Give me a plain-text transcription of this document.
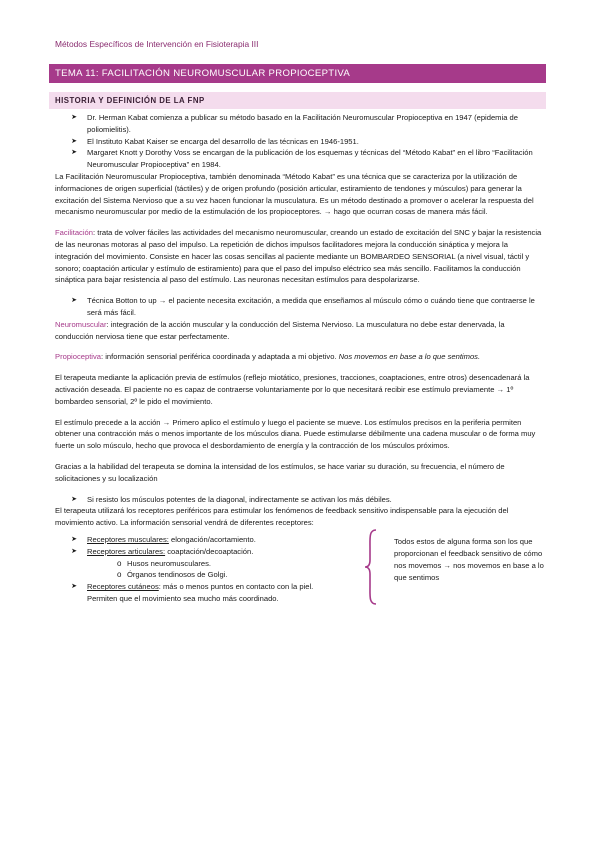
Métodos Específicos de Intervención en Fisioterapia III
TEMA 11: FACILITACIÓN NEUROMUSCULAR PROPIOCEPTIVA
HISTORIA Y DEFINICIÓN DE LA FNP
➤	Dr. Herman Kabat comienza a publicar su método basado en la Facilitación Neuromuscular Propioceptiva en 1947 (epidemia de poliomielitis).
➤	El Instituto Kabat Kaiser se encarga del desarrollo de las técnicas en 1946-1951.
➤	Margaret Knott y Dorothy Voss se encargan de la publicación de los esquemas y técnicas del “Método Kabat” en el libro “Facilitación Neuromuscular Propioceptiva” en 1984.

La Facilitación Neuromuscular Propioceptiva, también denominada “Método Kabat” es una técnica que se caracteriza por la utilización de informaciones de origen superficial (táctiles) y de origen profundo (posición articular, estiramiento de tendones y músculos) para generar la excitación del Sistema Nervioso que a su vez hacen funcionar la musculatura. Es un método destinado a promover o acelerar la respuesta del mecanismo neuromuscular por medio de la estimulación de los propioceptores. → hago que ocurran cosas de manera más fácil.

Facilitación: trata de volver fáciles las actividades del mecanismo neuromuscular, creando un estado de excitación del SNC y bajar la resistencia de las neuronas motoras al paso del impulso. La repetición de dichos impulsos facilitadores mejora la conducción sináptica y mejora la integración del movimiento. Consiste en hacer las cosas sencillas al paciente mediante un BOMBARDEO SENSORIAL (a nivel visual, táctil y sonoro; coaptación articular y estímulo de estiramiento) para que el paso del impulso eléctrico sea más sencillo. Facilitamos la conducción sináptica para bajar resistencia al paso del estímulo. Las neuronas necesitan estímulos para despolarizarse.

➤	Técnica Botton to up → el paciente necesita excitación, a medida que enseñamos al músculo cómo o cuándo tiene que contraerse le será más fácil.

Neuromuscular: integración de la acción muscular y la conducción del Sistema Nervioso. La musculatura no debe estar denervada, la conducción nerviosa tiene que estar perfectamente.

Propioceptiva: información sensorial periférica coordinada y adaptada a mi objetivo. Nos movemos en base a lo que sentimos.

El terapeuta mediante la aplicación previa de estímulos (reflejo miotático, presiones, tracciones, coaptaciones, entre otros) desencadenará la activación deseada. El paciente no es capaz de contraerse voluntariamente por lo que necesitará recibir ese estímulo previamente → 1º bombardeo sensorial, 2º le pido el movimiento.

El estímulo precede a la acción → Primero aplico el estímulo y luego el paciente se mueve. Los estímulos precisos en la periferia permiten obtener una contracción más o menos importante de los músculos diana. Puede estimularse débilmente una cadena muscular o de forma muy fuerte un solo músculo, hecho que provoca el desbordamiento de energía y la contracción de los músculos próximos.

Gracias a la habilidad del terapeuta se domina la intensidad de los estímulos, se hace variar su duración, su frecuencia, el número de solicitaciones y su localización

➤	Si resisto los músculos potentes de la diagonal, indirectamente se activan los más débiles.

El terapeuta utilizará los receptores periféricos para estimular los fenómenos de feedback sensitivo indispensable para la ejecución del movimiento activo. La información sensorial vendrá de diferentes receptores:

➤	Receptores musculares: elongación/acortamiento.
➤	Receptores articulares: coaptación/decoaptación.
o Husos neuromusculares.
o Órganos tendinosos de Golgi.
➤	Receptores cutáneos: más o menos puntos en contacto con la piel. Permiten que el movimiento sea mucho más coordinado.
Todos estos de alguna forma son los que proporcionan el feedback sensitivo de cómo nos movemos → nos movemos en base a lo que sentimos
